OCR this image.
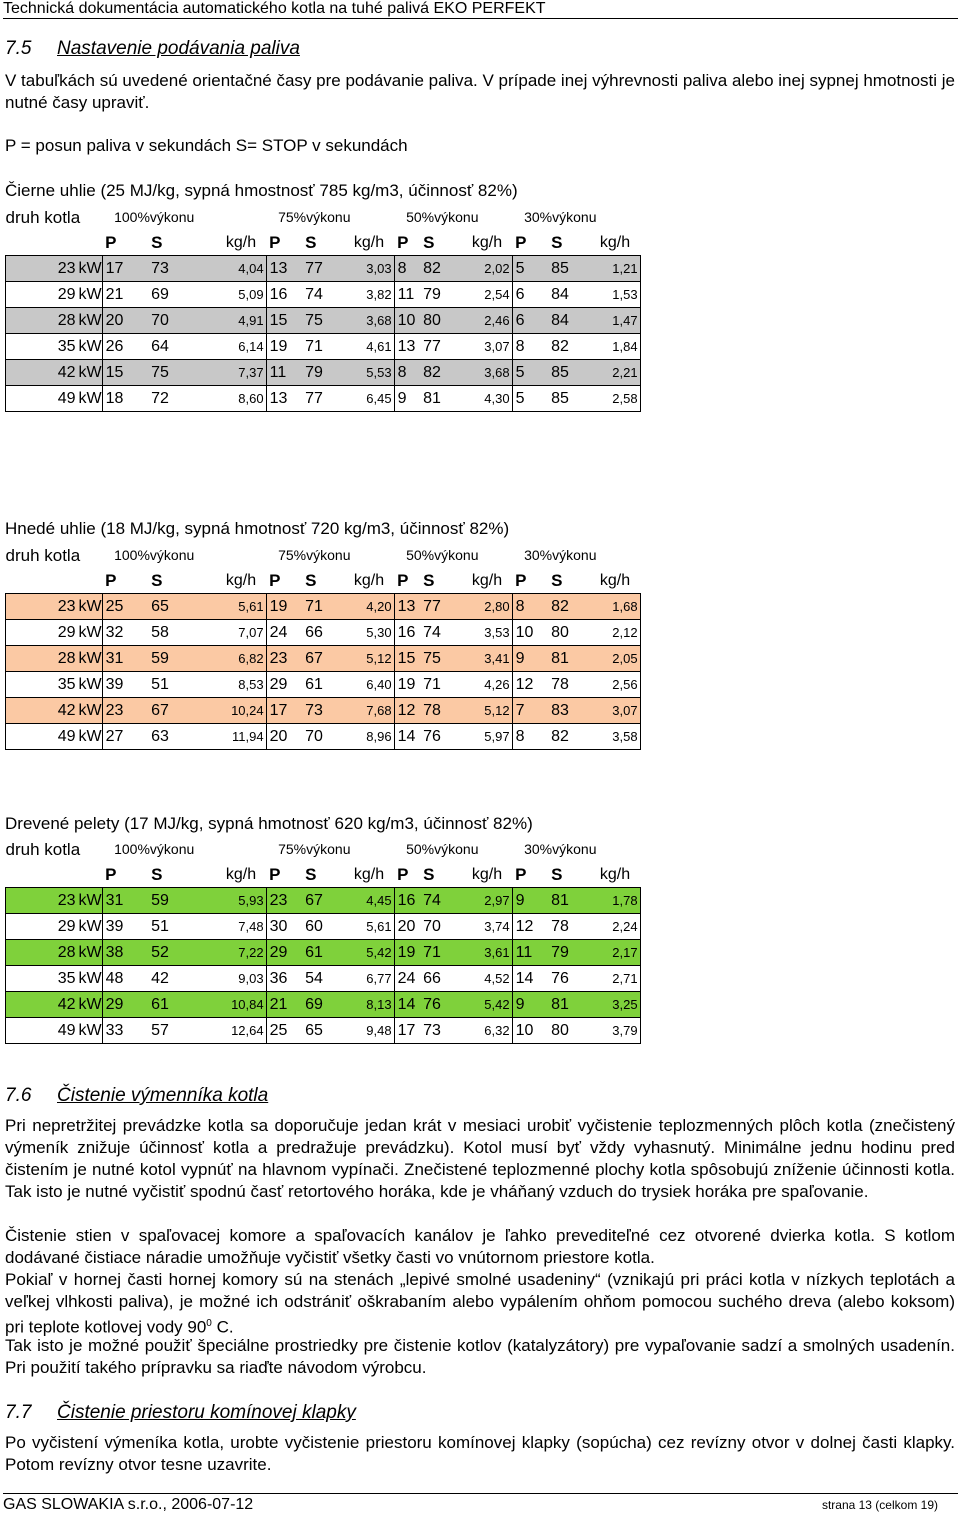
Technická dokumentácia automatického kotla na tuhé palivá EKO PERFEKT
7.5 Nastavenie podávania paliva
V tabuľkách sú uvedené orientačné časy pre podávanie paliva. V prípade inej výhrevnosti paliva alebo inej sypnej hmotnosti je nutné časy upraviť.
P = posun paliva v sekundách S= STOP v sekundách
Čierne uhlie (25 MJ/kg, sypná hmostnosť 785 kg/m3, účinnosť 82%)
druh kotla		100%výkonu			75%výkonu			50%výkonu			30%výkonu		
		P	S	kg/h	P	S	kg/h	P	S	kg/h	P	S	kg/h
23	kW	17	73	4,04	13	77	3,03	8	82	2,02	5	85	1,21
29	kW	21	69	5,09	16	74	3,82	11	79	2,54	6	84	1,53
28	kW	20	70	4,91	15	75	3,68	10	80	2,46	6	84	1,47
35	kW	26	64	6,14	19	71	4,61	13	77	3,07	8	82	1,84
42	kW	15	75	7,37	11	79	5,53	8	82	3,68	5	85	2,21
49	kW	18	72	8,60	13	77	6,45	9	81	4,30	5	85	2,58
Hnedé uhlie (18 MJ/kg, sypná hmotnosť 720 kg/m3, účinnosť 82%)
druh kotla		100%výkonu			75%výkonu			50%výkonu			30%výkonu		
		P	S	kg/h	P	S	kg/h	P	S	kg/h	P	S	kg/h
23	kW	25	65	5,61	19	71	4,20	13	77	2,80	8	82	1,68
29	kW	32	58	7,07	24	66	5,30	16	74	3,53	10	80	2,12
28	kW	31	59	6,82	23	67	5,12	15	75	3,41	9	81	2,05
35	kW	39	51	8,53	29	61	6,40	19	71	4,26	12	78	2,56
42	kW	23	67	10,24	17	73	7,68	12	78	5,12	7	83	3,07
49	kW	27	63	11,94	20	70	8,96	14	76	5,97	8	82	3,58
Drevené pelety (17 MJ/kg, sypná hmotnosť 620 kg/m3, účinnosť 82%)
druh kotla		100%výkonu			75%výkonu			50%výkonu			30%výkonu		
		P	S	kg/h	P	S	kg/h	P	S	kg/h	P	S	kg/h
23	kW	31	59	5,93	23	67	4,45	16	74	2,97	9	81	1,78
29	kW	39	51	7,48	30	60	5,61	20	70	3,74	12	78	2,24
28	kW	38	52	7,22	29	61	5,42	19	71	3,61	11	79	2,17
35	kW	48	42	9,03	36	54	6,77	24	66	4,52	14	76	2,71
42	kW	29	61	10,84	21	69	8,13	14	76	5,42	9	81	3,25
49	kW	33	57	12,64	25	65	9,48	17	73	6,32	10	80	3,79
7.6 Čistenie výmenníka kotla
Pri nepretržitej prevádzke kotla sa doporučuje jedan krát v mesiaci urobiť vyčistenie teplozmenných plôch kotla (znečistený výmeník znižuje účinnosť kotla a predražuje prevádzku). Kotol musí byť vždy vyhasnutý. Minimálne jednu hodinu pred čistením je nutné kotol vypnúť na hlavnom vypínači. Znečistené teplozmenné plochy kotla spôsobujú zníženie účinnosti kotla. Tak isto je nutné vyčistiť spodnú časť retortového horáka, kde je vháňaný vzduch do trysiek horáka pre spaľovanie.
Čistenie stien v spaľovacej komore a spaľovacích kanálov je ľahko prevediteľné cez otvorené dvierka kotla. S kotlom dodávané čistiace náradie umožňuje vyčistiť všetky časti vo vnútornom priestore kotla.
Pokiaľ v hornej časti hornej komory sú na stenách „lepivé smolné usadeniny“ (vznikajú pri práci kotla v nízkych teplotách a veľkej vlhkosti paliva), je možné ich odstrániť oškrabaním alebo vypálením ohňom pomocou suchého dreva (alebo koksom) pri teplote kotlovej vody $90^0$ C.
Tak isto je možné použiť špeciálne prostriedky pre čistenie kotlov (katalyzátory) pre vypaľovanie sadzí a smolných usadenín. Pri použití takého prípravku sa riaďte návodom výrobcu.
7.7 Čistenie priestoru komínovej klapky
Po vyčistení výmeníka kotla, urobte vyčistenie priestoru komínovej klapky (sopúcha) cez revízny otvor v dolnej časti klapky. Potom revízny otvor tesne uzavrite.
GAS SLOWAKIA s.r.o., 2006-07-12	strana 13 (celkom 19)
